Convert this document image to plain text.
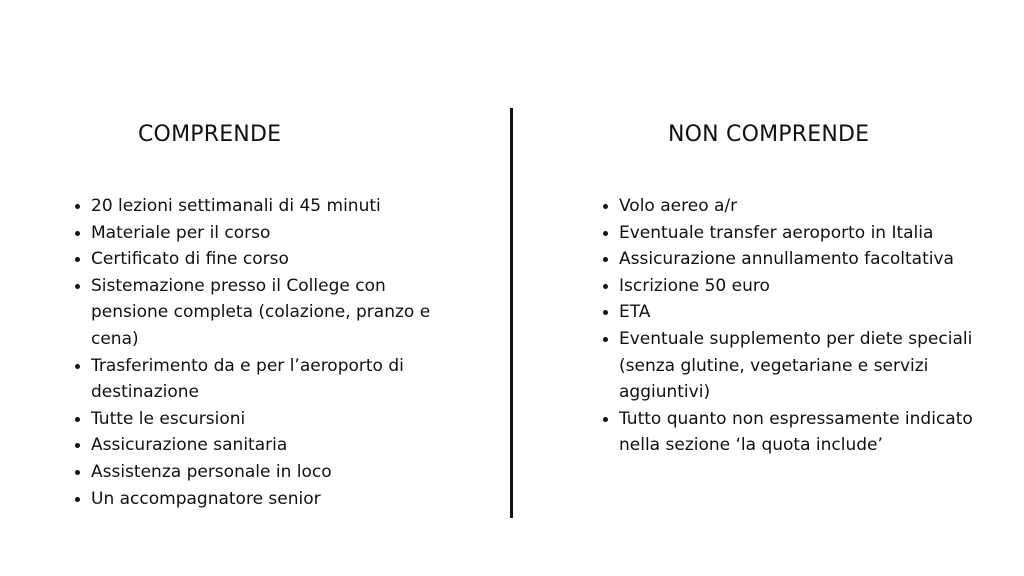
COMPRENDE	NON COMPRENDE
• 20 lezioni settimanali di 45 minuti
• Materiale per il corso
• Certificato di fine corso
• Sistemazione presso il College con pensione completa (colazione, pranzo e cena)
• Trasferimento da e per l’aeroporto di destinazione
• Tutte le escursioni
• Assicurazione sanitaria
• Assistenza personale in loco
• Un accompagnatore senior
• Volo aereo a/r
• Eventuale transfer aeroporto in Italia
• Assicurazione annullamento facoltativa
• Iscrizione 50 euro
• ETA
• Eventuale supplemento per diete speciali (senza glutine, vegetariane e servizi aggiuntivi)
• Tutto quanto non espressamente indicato nella sezione ‘la quota include’
